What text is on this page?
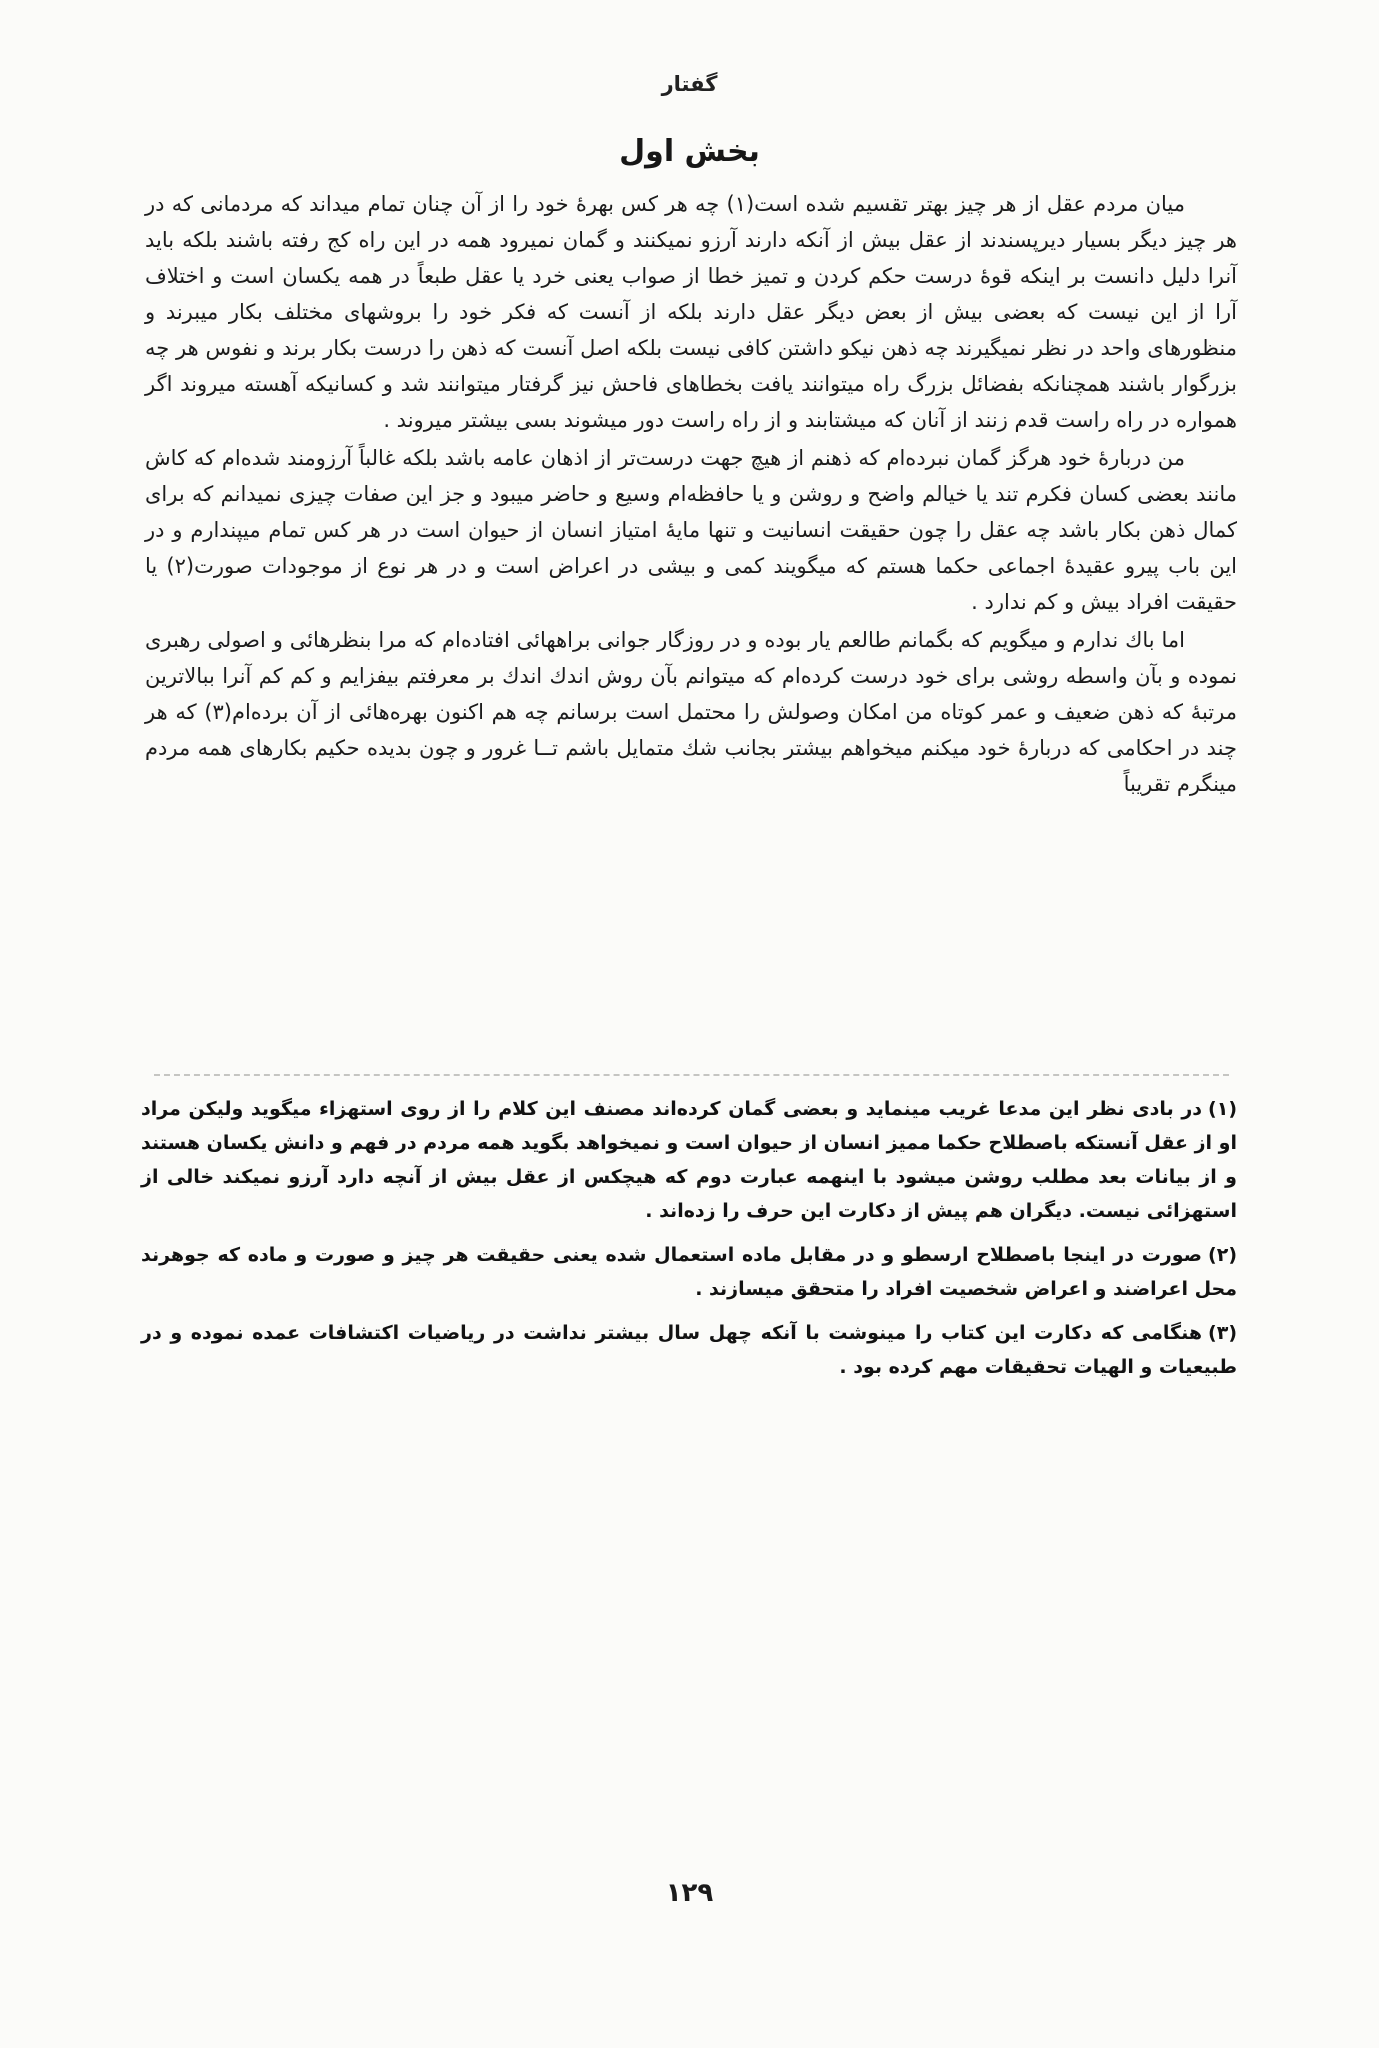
گفتار
بخش اول

میان مردم عقل از هر چیز بهتر تقسیم شده است(۱) چه هر کس بهرهٔ خود را از آن چنان تمام میداند که مردمانی که در هر چیز دیگر بسیار دیرپسندند از عقل بیش از آنکه دارند آرزو نمیکنند و گمان نمیرود همه در این راه کج رفته باشند بلکه باید آنرا دلیل دانست بر اینکه قوهٔ درست حکم کردن و تمیز خطا از صواب یعنی خرد یا عقل طبعاً در همه یکسان است و اختلاف آرا از این نیست که بعضی بیش از بعض دیگر عقل دارند بلکه از آنست که فکر خود را بروشهای مختلف بکار میبرند و منظورهای واحد در نظر نمیگیرند چه ذهن نیکو داشتن کافی نیست بلکه اصل آنست که ذهن را درست بکار برند و نفوس هر چه بزرگوار باشند همچنانکه بفضائل بزرگ راه میتوانند یافت بخطاهای فاحش نیز گرفتار میتوانند شد و کسانیکه آهسته میروند اگر همواره در راه راست قدم زنند از آنان که میشتابند و از راه راست دور میشوند بسی بیشتر میروند .

من دربارهٔ خود هرگز گمان نبرده‌ام که ذهنم از هیچ جهت درست‌تر از اذهان عامه باشد بلکه غالباً آرزومند شده‌ام که کاش مانند بعضی کسان فکرم تند یا خیالم واضح و روشن و یا حافظه‌ام وسیع و حاضر میبود و جز این صفات چیزی نمیدانم که برای کمال ذهن بکار باشد چه عقل را چون حقیقت انسانیت و تنها مایهٔ امتیاز انسان از حیوان است در هر کس تمام میپندارم و در این باب پیرو عقیدهٔ اجماعی حکما هستم که میگویند کمی و بیشی در اعراض است و در هر نوع از موجودات صورت(۲) یا حقیقت افراد بیش و کم ندارد .

اما باك ندارم و میگویم که بگمانم طالعم یار بوده و در روزگار جوانی براههائی افتاده‌ام که مرا بنظرهائی و اصولی رهبری نموده و بآن واسطه روشی برای خود درست کرده‌ام که میتوانم بآن روش اندك اندك بر معرفتم بیفزایم و کم کم آنرا ببالاترین مرتبهٔ که ذهن ضعیف و عمر کوتاه من امکان وصولش را محتمل است برسانم چه هم اکنون بهره‌هائی از آن برده‌ام(۳) که هر چند در احکامی که دربارهٔ خود میکنم میخواهم بیشتر بجانب شك متمایل باشم تــا غرور و چون بدیده حکیم بکارهای همه مردم مینگرم تقریباً

(۱)در بادی نظر این مدعا غریب مینماید و بعضی گمان کرده‌اند مصنف این کلام را از روی استهزاء میگوید ولیکن مراد او از عقل آنستکه باصطلاح حکما ممیز انسان از حیوان است و نمیخواهد بگوید همه مردم در فهم و دانش یکسان هستند و از بیانات بعد مطلب روشن میشود با اینهمه عبارت دوم که هیچکس از عقل بیش از آنچه دارد آرزو نمیکند خالی از استهزائی نیست. دیگران هم پیش از دکارت این حرف را زده‌اند .

(۲)صورت در اینجا باصطلاح ارسطو و در مقابل ماده استعمال شده یعنی حقیقت هر چیز و صورت و ماده که جوهرند محل اعراضند و اعراض شخصیت افراد را متحقق میسازند .

(۳)هنگامی که دکارت این کتاب را مینوشت با آنکه چهل سال بیشتر نداشت در ریاضیات اکتشافات عمده نموده و در طبیعیات و الهیات تحقیقات مهم کرده بود .

۱۲۹
